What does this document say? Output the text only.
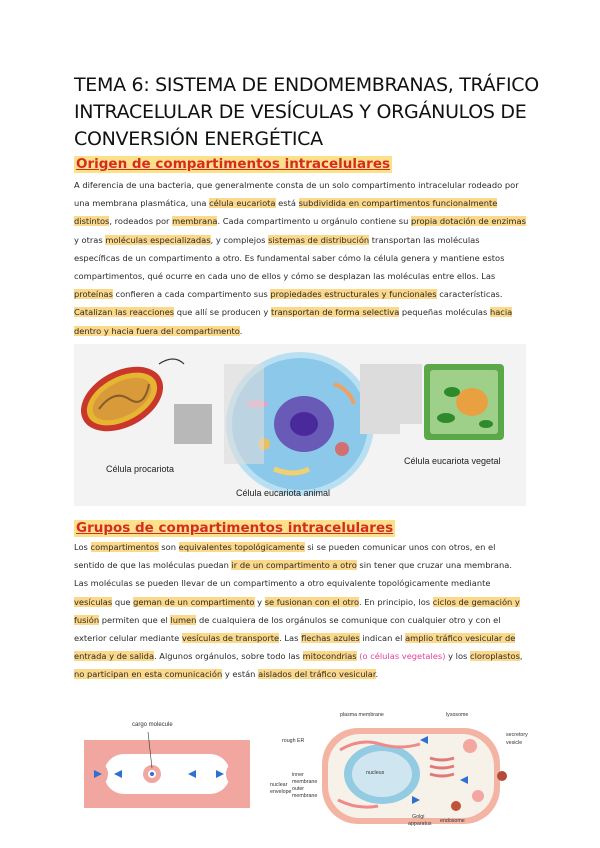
TEMA 6: SISTEMA DE ENDOMEMBRANAS, TRÁFICO
INTRACELULAR DE VESÍCULAS Y ORGÁNULOS DE
CONVERSIÓN ENERGÉTICA
Origen de compartimentos intracelulares
A diferencia de una bacteria, que generalmente consta de un solo compartimento intracelular rodeado por una membrana plasmática, una célula eucariota está subdividida en compartimentos funcionalmente distintos, rodeados por membrana. Cada compartimento u orgánulo contiene su propia dotación de enzimas y otras moléculas especializadas, y complejos sistemas de distribución transportan las moléculas específicas de un compartimento a otro. Es fundamental saber cómo la célula genera y mantiene estos compartimentos, qué ocurre en cada uno de ellos y cómo se desplazan las moléculas entre ellos. Las proteínas confieren a cada compartimento sus propiedades estructurales y funcionales características. Catalizan las reacciones que allí se producen y transportan de forma selectiva pequeñas moléculas hacia dentro y hacia fuera del compartimento.
Célula procariota
Célula eucariota animal
Célula eucariota vegetal
Grupos de compartimentos intracelulares
Los compartimentos son equivalentes topológicamente si se pueden comunicar unos con otros, en el sentido de que las moléculas puedan ir de un compartimento a otro sin tener que cruzar una membrana. Las moléculas se pueden llevar de un compartimento a otro equivalente topológicamente mediante vesículas que geman de un compartimento y se fusionan con el otro. En principio, los ciclos de gemación y fusión permiten que el lumen de cualquiera de los orgánulos se comunique con cualquier otro y con el exterior celular mediante vesículas de transporte. Las flechas azules indican el amplio tráfico vesicular de entrada y de salida. Algunos orgánulos, sobre todo las mitocondrias (o células vegetales) y los cloroplastos, no participan en esta comunicación y están aislados del tráfico vesicular.
cargo molecule
plasma membrane	lysosome
rough ER
nucleus
secretory
vesicle
inner
membrane
outer
membrane
nuclear
envelope
Golgi
apparatus endosome
